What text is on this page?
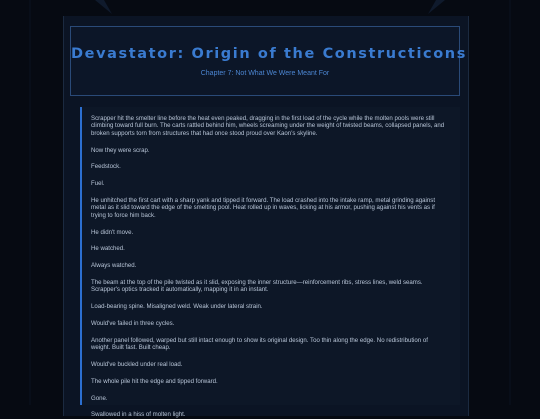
Devastator: Origin of the Constructicons
Chapter 7: Not What We Were Meant For

Scrapper hit the smelter line before the heat even peaked, dragging in the first load of the cycle while the molten pools were still climbing toward full burn. The carts rattled behind him, wheels screaming under the weight of twisted beams, collapsed panels, and broken supports torn from structures that had once stood proud over Kaon's skyline.

Now they were scrap.

Feedstock.

Fuel.

He unhitched the first cart with a sharp yank and tipped it forward. The load crashed into the intake ramp, metal grinding against metal as it slid toward the edge of the smelting pool. Heat rolled up in waves, licking at his armor, pushing against his vents as if trying to force him back.

He didn't move.

He watched.

Always watched.

The beam at the top of the pile twisted as it slid, exposing the inner structure—reinforcement ribs, stress lines, weld seams. Scrapper's optics tracked it automatically, mapping it in an instant.

Load-bearing spine. Misaligned weld. Weak under lateral strain.

Would've failed in three cycles.

Another panel followed, warped but still intact enough to show its original design. Too thin along the edge. No redistribution of weight. Built fast. Built cheap.

Would've buckled under real load.

The whole pile hit the edge and tipped forward.

Gone.

Swallowed in a hiss of molten light.
